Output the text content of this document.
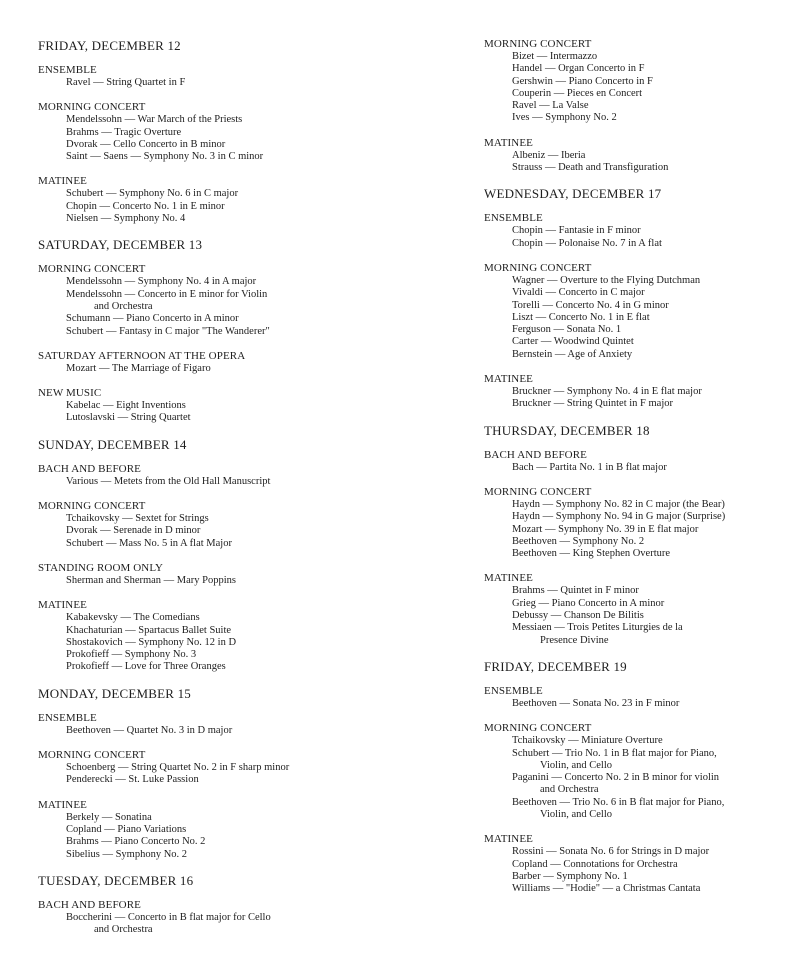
FRIDAY, DECEMBER 12
ENSEMBLE
Ravel — String Quartet in F
MORNING CONCERT
Mendelssohn — War March of the Priests
Brahms — Tragic Overture
Dvorak — Cello Concerto in B minor
Saint — Saens — Symphony No. 3 in C minor
MATINEE
Schubert — Symphony No. 6 in C major
Chopin — Concerto No. 1 in E minor
Nielsen — Symphony No. 4
SATURDAY, DECEMBER 13
MORNING CONCERT
Mendelssohn — Symphony No. 4 in A major
Mendelssohn — Concerto in E minor for Violin
and Orchestra
Schumann — Piano Concerto in A minor
Schubert — Fantasy in C major "The Wanderer"
SATURDAY AFTERNOON AT THE OPERA
Mozart — The Marriage of Figaro
NEW MUSIC
Kabelac — Eight Inventions
Lutoslavski — String Quartet
SUNDAY, DECEMBER 14
BACH AND BEFORE
Various — Metets from the Old Hall Manuscript
MORNING CONCERT
Tchaikovsky — Sextet for Strings
Dvorak — Serenade in D minor
Schubert — Mass No. 5 in A flat Major
STANDING ROOM ONLY
Sherman and Sherman — Mary Poppins
MATINEE
Kabakevsky — The Comedians
Khachaturian — Spartacus Ballet Suite
Shostakovich — Symphony No. 12 in D
Prokofieff — Symphony No. 3
Prokofieff — Love for Three Oranges
MONDAY, DECEMBER 15
ENSEMBLE
Beethoven — Quartet No. 3 in D major
MORNING CONCERT
Schoenberg — String Quartet No. 2 in F sharp minor
Penderecki — St. Luke Passion
MATINEE
Berkely — Sonatina
Copland — Piano Variations
Brahms — Piano Concerto No. 2
Sibelius — Symphony No. 2
TUESDAY, DECEMBER 16
BACH AND BEFORE
Boccherini — Concerto in B flat major for Cello
and Orchestra
MORNING CONCERT
Bizet — Intermazzo
Handel — Organ Concerto in F
Gershwin — Piano Concerto in F
Couperin — Pieces en Concert
Ravel — La Valse
Ives — Symphony No. 2
MATINEE
Albeniz — Iberia
Strauss — Death and Transfiguration
WEDNESDAY, DECEMBER 17
ENSEMBLE
Chopin — Fantasie in F minor
Chopin — Polonaise No. 7 in A flat
MORNING CONCERT
Wagner — Overture to the Flying Dutchman
Vivaldi — Concerto in C major
Torelli — Concerto No. 4 in G minor
Liszt — Concerto No. 1 in E flat
Ferguson — Sonata No. 1
Carter — Woodwind Quintet
Bernstein — Age of Anxiety
MATINEE
Bruckner — Symphony No. 4 in E flat major
Bruckner — String Quintet in F major
THURSDAY, DECEMBER 18
BACH AND BEFORE
Bach — Partita No. 1 in B flat major
MORNING CONCERT
Haydn — Symphony No. 82 in C major (the Bear)
Haydn — Symphony No. 94 in G major (Surprise)
Mozart — Symphony No. 39 in E flat major
Beethoven — Symphony No. 2
Beethoven — King Stephen Overture
MATINEE
Brahms — Quintet in F minor
Grieg — Piano Concerto in A minor
Debussy — Chanson De Bilitis
Messiaen — Trois Petites Liturgies de la
Presence Divine
FRIDAY, DECEMBER 19
ENSEMBLE
Beethoven — Sonata No. 23 in F minor
MORNING CONCERT
Tchaikovsky — Miniature Overture
Schubert — Trio No. 1 in B flat major for Piano,
Violin, and Cello
Paganini — Concerto No. 2 in B minor for violin
and Orchestra
Beethoven — Trio No. 6 in B flat major for Piano,
Violin, and Cello
MATINEE
Rossini — Sonata No. 6 for Strings in D major
Copland — Connotations for Orchestra
Barber — Symphony No. 1
Williams — "Hodie" — a Christmas Cantata
